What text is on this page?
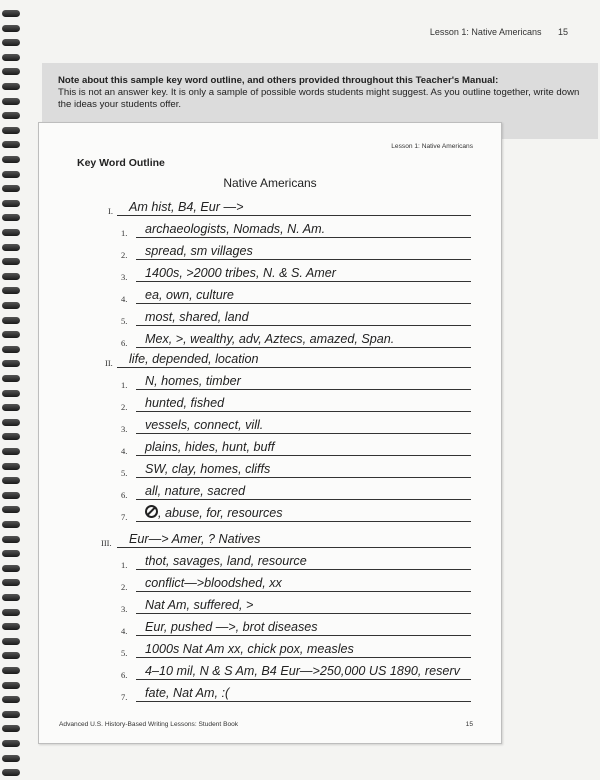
Lesson 1: Native Americans 15
Note about this sample key word outline, and others provided throughout this Teacher's Manual:
This is not an answer key. It is only a sample of possible words students might suggest. As you outline together, write down the ideas your students offer.
Lesson 1: Native Americans
Key Word Outline
Native Americans
I. Am hist, B4, Eur —>
1. archaeologists, Nomads, N. Am.
2. spread, sm villages
3. 1400s, >2000 tribes, N. & S. Amer
4. ea, own, culture
5. most, shared, land
6. Mex, >, wealthy, adv, Aztecs, amazed, Span.
II. life, depended, location
1. N, homes, timber
2. hunted, fished
3. vessels, connect, vill.
4. plains, hides, hunt, buff
5. SW, clay, homes, cliffs
6. all, nature, sacred
7.	, abuse, for, resources
III. Eur—> Amer, ? Natives
1. thot, savages, land, resource
2. conflict—>bloodshed, xx
3. Nat Am, suffered, >
4. Eur, pushed —>, brot diseases
5. 1000s Nat Am xx, chick pox, measles
6. 4–10 mil, N & S Am, B4 Eur—>250,000 US 1890, reserv
7. fate, Nat Am, :(
Advanced U.S. History-Based Writing Lessons: Student Book	15
